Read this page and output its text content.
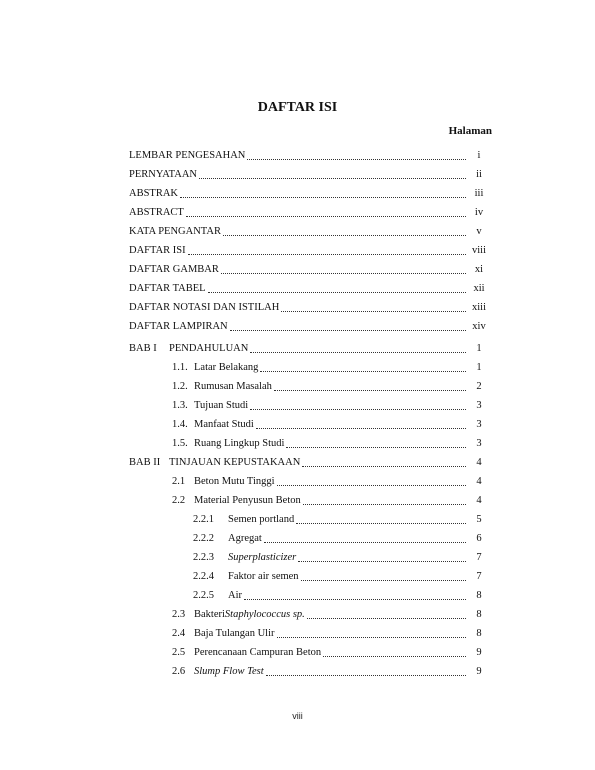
DAFTAR ISI
Halaman
LEMBAR PENGESAHAN	i
PERNYATAAN	ii
ABSTRAK	iii
ABSTRACT	iv
KATA PENGANTAR	v
DAFTAR ISI	viii
DAFTAR GAMBAR	xi
DAFTAR TABEL	xii
DAFTAR NOTASI DAN ISTILAH	xiii
DAFTAR LAMPIRAN	xiv
BAB I	PENDAHULUAN	1
1.1. Latar Belakang	1
1.2. Rumusan Masalah	2
1.3. Tujuan Studi	3
1.4. Manfaat Studi	3
1.5. Ruang Lingkup Studi	3
BAB II TINJAUAN KEPUSTAKAAN	4
2.1 Beton Mutu Tinggi	4
2.2 Material Penyusun Beton	4
2.2.1	Semen portland	5
2.2.2	Agregat	6
2.2.3	Superplasticizer	7
2.2.4	Faktor air semen	7
2.2.5	Air	8
2.3 Bakteri Staphylococcus sp.	8
2.4 Baja Tulangan Ulir	8
2.5 Perencanaan Campuran Beton	9
2.6 Slump Flow Test	9
viii
